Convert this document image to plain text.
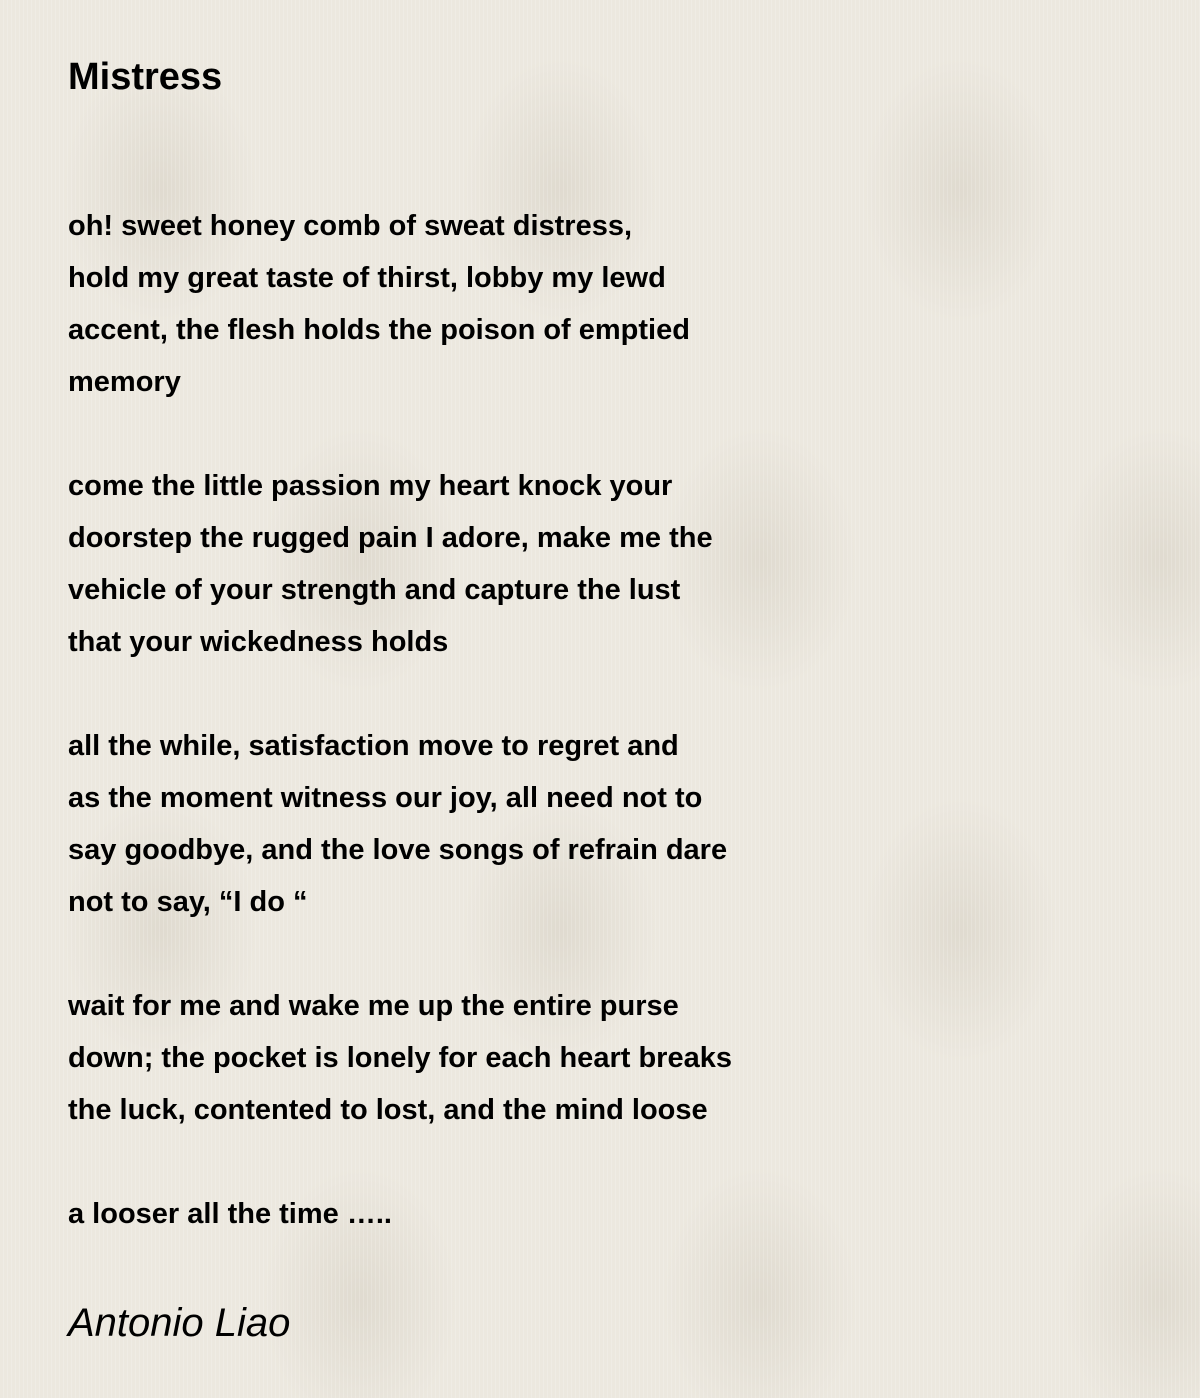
Mistress
oh! sweet honey comb of sweat distress,
hold my great taste of thirst, lobby my lewd
accent, the flesh holds the poison of emptied
memory
come the little passion my heart knock your
doorstep the rugged pain I adore, make me the
vehicle of your strength and capture the lust
that your wickedness holds
all the while, satisfaction move to regret and
as the moment witness our joy, all need not to
say goodbye, and the love songs of refrain dare
not to say, “I do “
wait for me and wake me up the entire purse
down; the pocket is lonely for each heart breaks
the luck, contented to lost, and the mind loose
a looser all the time …..
Antonio Liao
